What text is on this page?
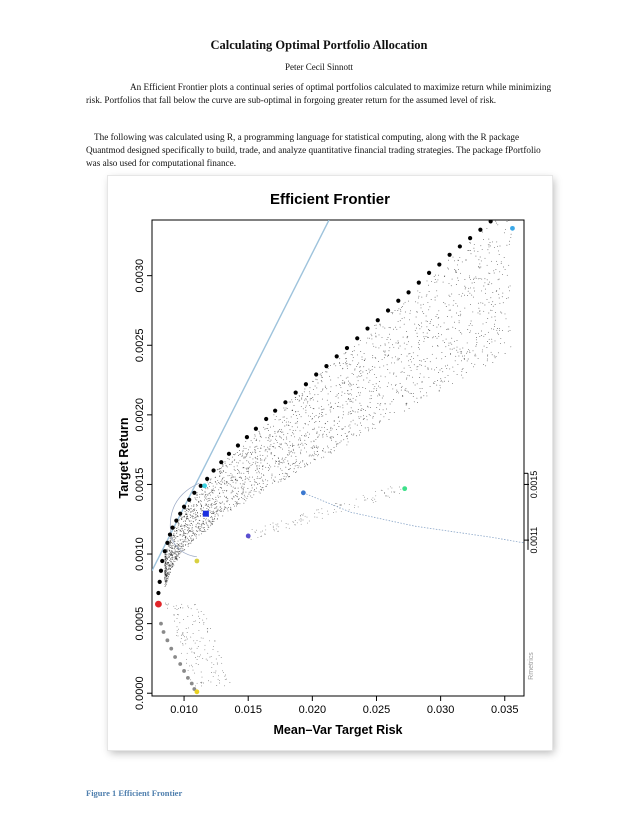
Calculating Optimal Portfolio Allocation
Peter Cecil Sinnott
An Efficient Frontier plots a continual series of optimal portfolios calculated to maximize return while minimizing risk. Portfolios that fall below the curve are sub-optimal in forgoing greater return for the assumed level of risk.
The following was calculated using R, a programming language for statistical computing, along with the R package Quantmod designed specifically to build, trade, and analyze quantitative financial trading strategies. The package fPortfolio was also used for computational finance.
Efficient Frontier
0.010	0.015	0.020	0.025	0.030	0.035
0.0000
0.0005
0.0010
0.0015
0.0020
0.0025
0.0030
0.0011
0.0015
Mean–Var Target Risk
Target Return
Rmetrics
Figure 1 Efficient Frontier
